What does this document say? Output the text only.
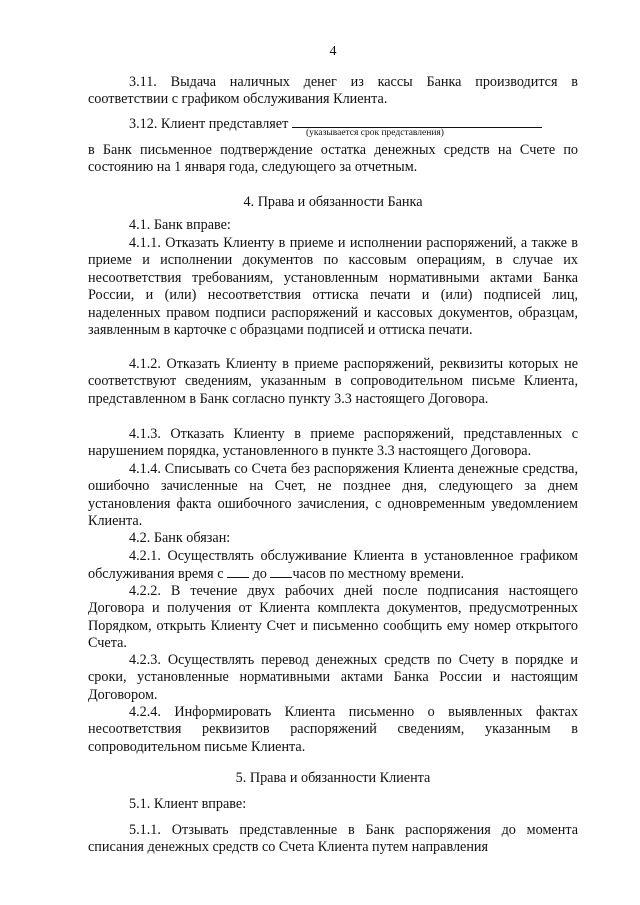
4

3.11. Выдача наличных денег из кассы Банка производится в соответствии с графиком обслуживания Клиента.

3.12. Клиент представляет

(указывается срок представления)

в Банк письменное подтверждение остатка денежных средств на Счете по состоянию на 1 января года, следующего за отчетным.

4. Права и обязанности Банка

4.1. Банк вправе:

4.1.1. Отказать Клиенту в приеме и исполнении распоряжений, а также в приеме и исполнении документов по кассовым операциям, в случае их несоответствия требованиям, установленным нормативными актами Банка России, и (или) несоответствия оттиска печати и (или) подписей лиц, наделенных правом подписи распоряжений и кассовых документов, образцам, заявленным в карточке с образцами подписей и оттиска печати.

4.1.2. Отказать Клиенту в приеме распоряжений, реквизиты которых не соответствуют сведениям, указанным в сопроводительном письме Клиента, представленном в Банк согласно пункту 3.3 настоящего Договора.

4.1.3. Отказать Клиенту в приеме распоряжений, представленных с нарушением порядка, установленного в пункте 3.3 настоящего Договора.

4.1.4. Списывать со Счета без распоряжения Клиента денежные средства, ошибочно зачисленные на Счет, не позднее дня, следующего за днем установления факта ошибочного зачисления, с одновременным уведомлением Клиента.

4.2. Банк обязан:

4.2.1. Осуществлять обслуживание Клиента в установленное графиком обслуживания время с до часов по местному времени.

4.2.2. В течение двух рабочих дней после подписания настоящего Договора и получения от Клиента комплекта документов, предусмотренных Порядком, открыть Клиенту Счет и письменно сообщить ему номер открытого Счета.

4.2.3. Осуществлять перевод денежных средств по Счету в порядке и сроки, установленные нормативными актами Банка России и настоящим Договором.

4.2.4. Информировать Клиента письменно о выявленных фактах несоответствия реквизитов распоряжений сведениям, указанным в сопроводительном письме Клиента.

5. Права и обязанности Клиента

5.1. Клиент вправе:

5.1.1. Отзывать представленные в Банк распоряжения до момента списания денежных средств со Счета Клиента путем направления
